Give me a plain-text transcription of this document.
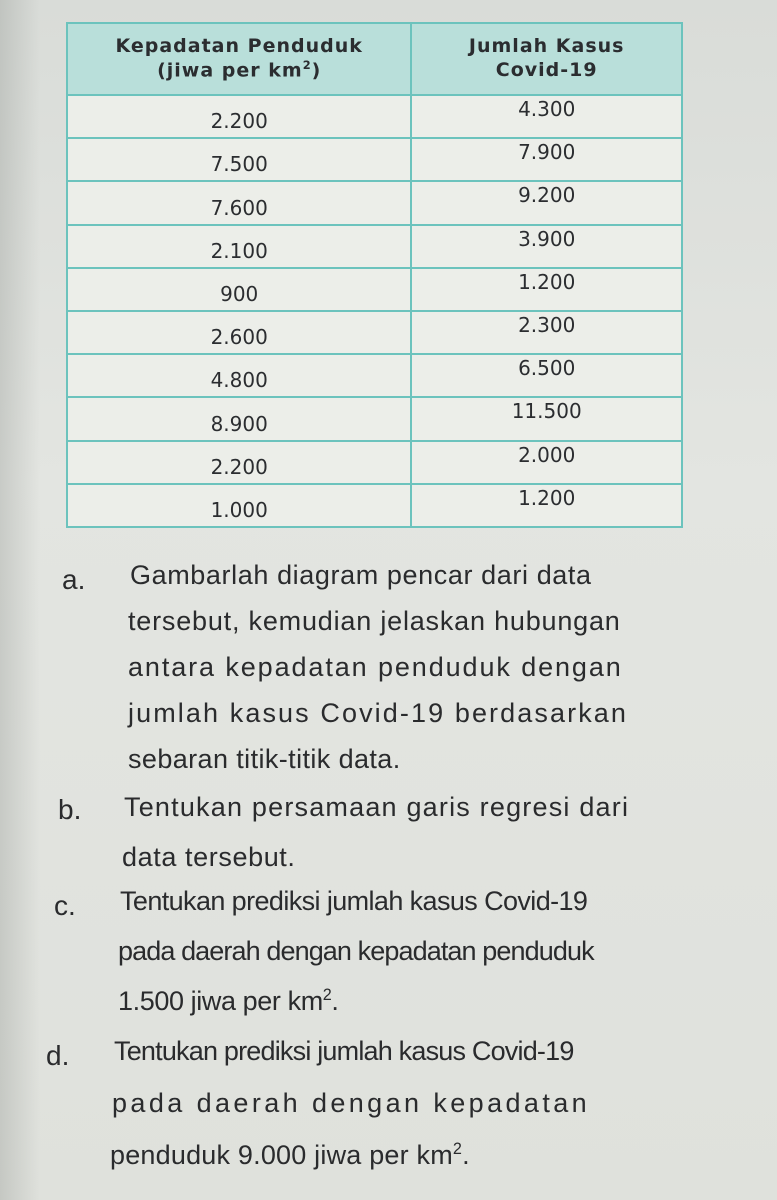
Kepadatan Penduduk
(jiwa per $km^2$)	Jumlah Kasus
Covid-19

2.200	4.300
7.500	7.900
7.600	9.200
2.100	3.900
900	1.200
2.600	2.300
4.800	6.500
8.900	11.500
2.200	2.000
1.000	1.200
a. Gambarlah diagram pencar dari data
tersebut, kemudian jelaskan hubungan
antara kepadatan penduduk dengan
jumlah kasus Covid-19 berdasarkan
sebaran titik-titik data.
b. Tentukan persamaan garis regresi dari
data tersebut.
c. Tentukan prediksi jumlah kasus Covid-19
pada daerah dengan kepadatan penduduk
1.500 jiwa per $km^2$.
d. Tentukan prediksi jumlah kasus Covid-19
pada daerah dengan kepadatan
penduduk 9.000 jiwa per $km^2$.
